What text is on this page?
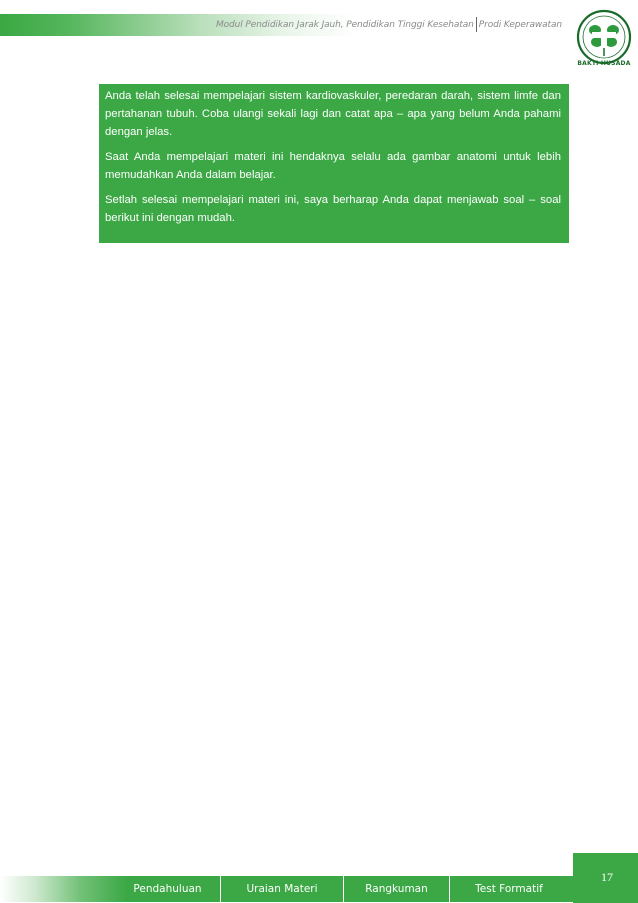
Modul Pendidikan Jarak Jauh, Pendidikan Tinggi Kesehatan Prodi Keperawatan
BAKTI HUSADA

Anda telah selesai mempelajari sistem kardiovaskuler, peredaran darah, sistem limfe dan pertahanan tubuh. Coba ulangi sekali lagi dan catat apa – apa yang belum Anda pahami dengan jelas.

Saat Anda mempelajari materi ini hendaknya selalu ada gambar anatomi untuk lebih memudahkan Anda dalam belajar.

Setlah selesai mempelajari materi ini, saya berharap Anda dapat menjawab soal – soal berikut ini dengan mudah.

17
Pendahuluan	Uraian Materi	Rangkuman	Test Formatif
